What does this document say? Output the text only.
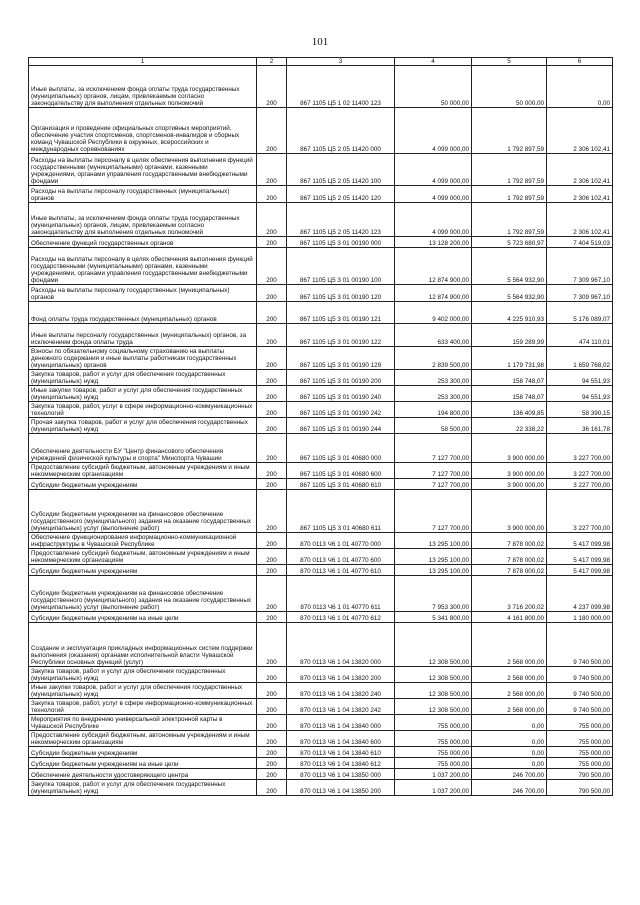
101
1	2	3	4	5	6
Иные выплаты, за исключением фонда оплаты труда государственных (муниципальных) органов, лицам, привлекаемым согласно законодательству для выполнения отдельных полномочий	200	867 1105 Ц5 1 02 11400 123	50 000,00	50 000,00	0,00
Организация и проведение официальных спортивных мероприятий, обеспечение участия спортсменов, спортсменов-инвалидов и сборных команд Чувашской Республики в окружных, всероссийских и международных соревнованиях	200	867 1105 Ц5 2 05 11420 000	4 099 000,00	1 792 897,59	2 306 102,41
Расходы на выплаты персоналу в целях обеспечения выполнения функций государственными (муниципальными) органами, казенными учреждениями, органами управления государственными внебюджетными фондами	200	867 1105 Ц5 2 05 11420 100	4 099 000,00	1 792 897,59	2 306 102,41
Расходы на выплаты персоналу государственных (муниципальных) органов	200	867 1105 Ц5 2 05 11420 120	4 099 000,00	1 792 897,59	2 306 102,41
Иные выплаты, за исключением фонда оплаты труда государственных (муниципальных) органов, лицам, привлекаемым согласно законодательству для выполнения отдельных полномочий	200	867 1105 Ц5 2 05 11420 123	4 099 000,00	1 792 897,59	2 306 102,41
Обеспечение функций государственных органов	200	867 1105 Ц5 3 01 00190 000	13 128 200,00	5 723 680,97	7 404 519,03
Расходы на выплаты персоналу в целях обеспечения выполнения функций государственными (муниципальными) органами, казенными учреждениями, органами управления государственными внебюджетными фондами	200	867 1105 Ц5 3 01 00190 100	12 874 900,00	5 564 932,90	7 309 967,10
Расходы на выплаты персоналу государственных (муниципальных) органов	200	867 1105 Ц5 3 01 00190 120	12 874 900,00	5 564 932,90	7 309 967,10
Фонд оплаты труда государственных (муниципальных) органов	200	867 1105 Ц5 3 01 00190 121	9 402 000,00	4 225 910,93	5 176 089,07
Иные выплаты персоналу государственных (муниципальных) органов, за исключением фонда оплаты труда	200	867 1105 Ц5 3 01 00190 122	633 400,00	159 289,99	474 110,01
Взносы по обязательному социальному страхованию на выплаты денежного содержания и иные выплаты работникам государственных (муниципальных) органов	200	867 1105 Ц5 3 01 00190 129	2 839 500,00	1 179 731,98	1 659 768,02
Закупка товаров, работ и услуг для обеспечения государственных (муниципальных) нужд	200	867 1105 Ц5 3 01 00190 200	253 300,00	158 748,07	94 551,93
Иные закупки товаров, работ и услуг для обеспечения государственных (муниципальных) нужд	200	867 1105 Ц5 3 01 00190 240	253 300,00	158 748,07	94 551,93
Закупка товаров, работ, услуг в сфере информационно-коммуникационных технологий	200	867 1105 Ц5 3 01 00190 242	194 800,00	136 409,85	58 390,15
Прочая закупка товаров, работ и услуг для обеспечения государственных (муниципальных) нужд	200	867 1105 Ц5 3 01 00190 244	58 500,00	22 338,22	36 161,78
Обеспечение деятельности БУ "Центр финансового обеспечения учреждений физической культуры и спорта" Минспорта Чувашии	200	867 1105 Ц5 3 01 40680 000	7 127 700,00	3 900 000,00	3 227 700,00
Предоставление субсидий бюджетным, автономным учреждениям и иным некоммерческим организациям	200	867 1105 Ц5 3 01 40680 600	7 127 700,00	3 900 000,00	3 227 700,00
Субсидии бюджетным учреждениям	200	867 1105 Ц5 3 01 40680 610	7 127 700,00	3 900 000,00	3 227 700,00
Субсидии бюджетным учреждениям на финансовое обеспечение государственного (муниципального) задания на оказание государственных (муниципальных) услуг (выполнение работ)	200	867 1105 Ц5 3 01 40680 611	7 127 700,00	3 900 000,00	3 227 700,00
Обеспечение функционирования информационно-коммуникационной инфраструктуры в Чувашской Республике	200	870 0113 Ч6 1 01 40770 000	13 295 100,00	7 878 000,02	5 417 099,98
Предоставление субсидий бюджетным, автономным учреждениям и иным некоммерческим организациям	200	870 0113 Ч6 1 01 40770 600	13 295 100,00	7 878 000,02	5 417 099,98
Субсидии бюджетным учреждениям	200	870 0113 Ч6 1 01 40770 610	13 295 100,00	7 878 000,02	5 417 099,98
Субсидии бюджетным учреждениям на финансовое обеспечение государственного (муниципального) задания на оказание государственных (муниципальных) услуг (выполнение работ)	200	870 0113 Ч6 1 01 40770 611	7 953 300,00	3 716 200,02	4 237 099,98
Субсидии бюджетным учреждениям на иные цели	200	870 0113 Ч6 1 01 40770 612	5 341 800,00	4 161 800,00	1 180 000,00
Создание и эксплуатация прикладных информационных систем поддержки выполнения (оказания) органами исполнительной власти Чувашской Республики основных функций (услуг)	200	870 0113 Ч6 1 04 13820 000	12 308 500,00	2 568 000,00	9 740 500,00
Закупка товаров, работ и услуг для обеспечения государственных (муниципальных) нужд	200	870 0113 Ч6 1 04 13820 200	12 308 500,00	2 568 000,00	9 740 500,00
Иные закупки товаров, работ и услуг для обеспечения государственных (муниципальных) нужд	200	870 0113 Ч6 1 04 13820 240	12 308 500,00	2 568 000,00	9 740 500,00
Закупка товаров, работ, услуг в сфере информационно-коммуникационных технологий	200	870 0113 Ч6 1 04 13820 242	12 308 500,00	2 568 000,00	9 740 500,00
Мероприятия по внедрению универсальной электронной карты в Чувашской Республике	200	870 0113 Ч6 1 04 13840 000	755 000,00	0,00	755 000,00
Предоставление субсидий бюджетным, автономным учреждениям и иным некоммерческим организациям	200	870 0113 Ч6 1 04 13840 600	755 000,00	0,00	755 000,00
Субсидии бюджетным учреждениям	200	870 0113 Ч6 1 04 13840 610	755 000,00	0,00	755 000,00
Субсидии бюджетным учреждениям на иные цели	200	870 0113 Ч6 1 04 13840 612	755 000,00	0,00	755 000,00
Обеспечение деятельности удостоверяющего центра	200	870 0113 Ч6 1 04 13850 000	1 037 200,00	246 700,00	790 500,00
Закупка товаров, работ и услуг для обеспечения государственных (муниципальных) нужд	200	870 0113 Ч6 1 04 13850 200	1 037 200,00	246 700,00	790 500,00
